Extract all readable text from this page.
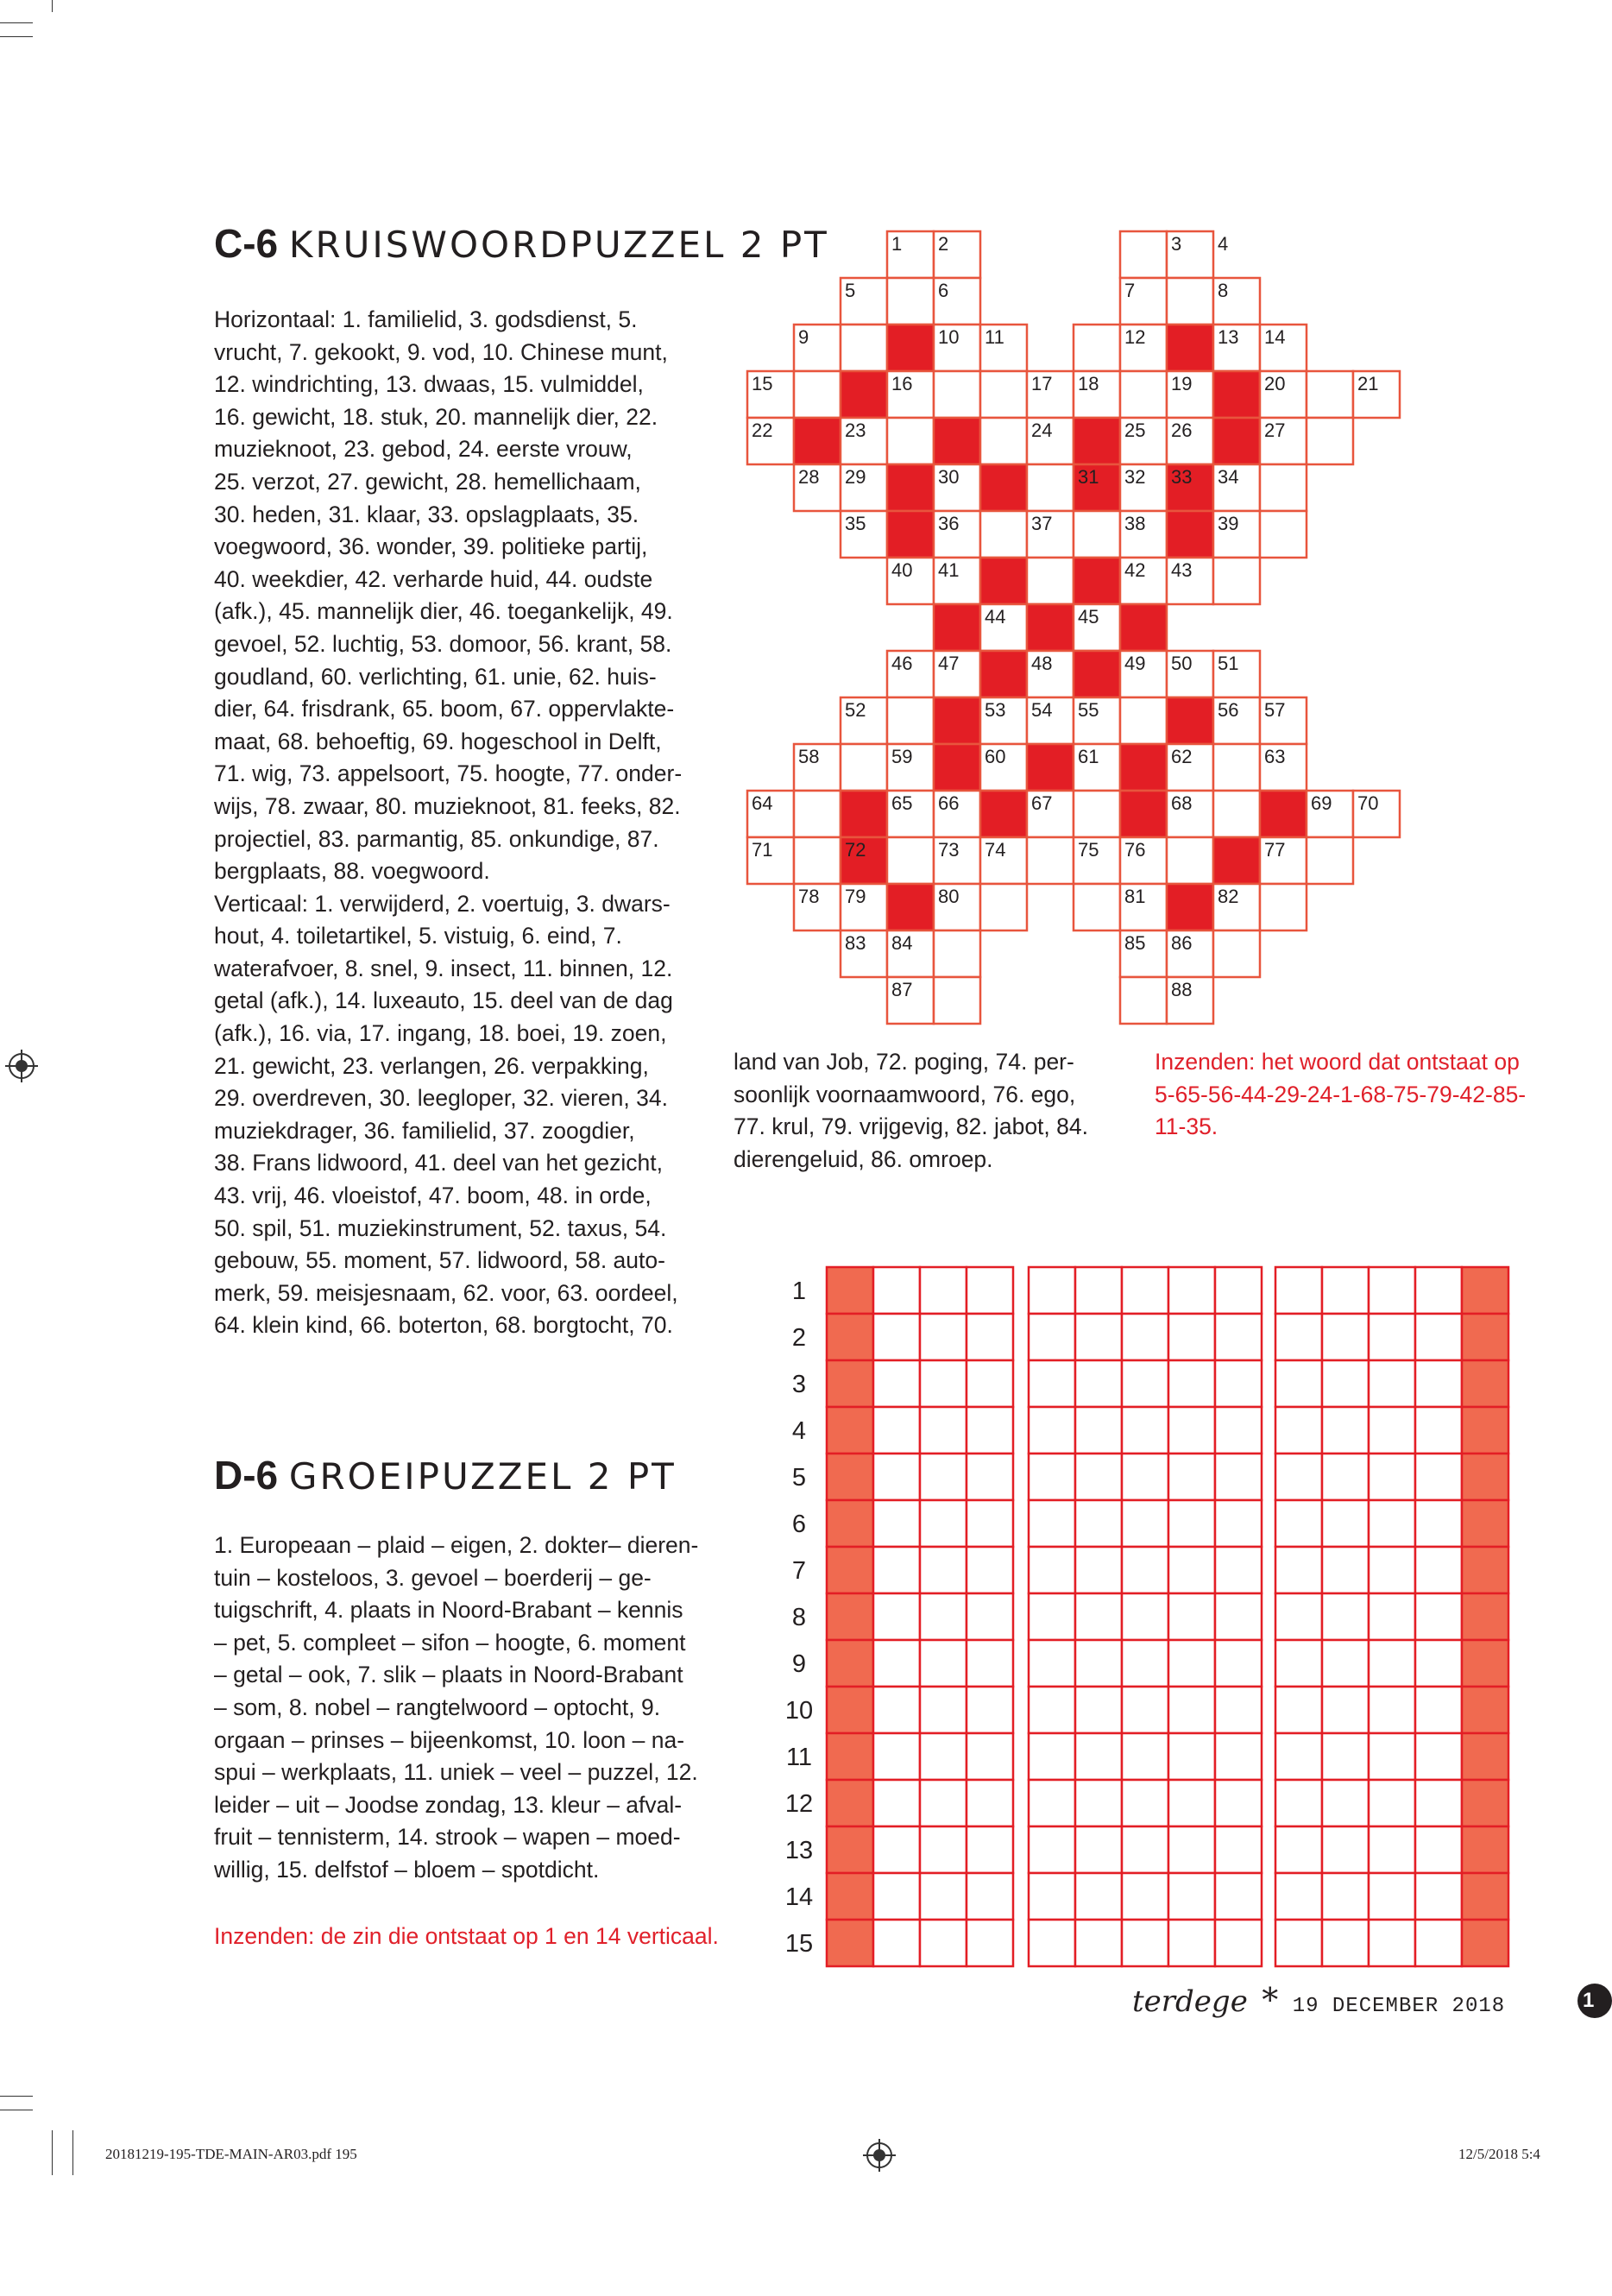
C-6 KRUISWOORDPUZZEL 2 PT
Horizontaal: 1. familielid, 3. godsdienst, 5.
vrucht, 7. gekookt, 9. vod, 10. Chinese munt,
12. windrichting, 13. dwaas, 15. vulmiddel,
16. gewicht, 18. stuk, 20. mannelijk dier, 22.
muzieknoot, 23. gebod, 24. eerste vrouw,
25. verzot, 27. gewicht, 28. hemellichaam,
30. heden, 31. klaar, 33. opslagplaats, 35.
voegwoord, 36. wonder, 39. politieke partij,
40. weekdier, 42. verharde huid, 44. oudste
(afk.), 45. mannelijk dier, 46. toegankelijk, 49.
gevoel, 52. luchtig, 53. domoor, 56. krant, 58.
goudland, 60. verlichting, 61. unie, 62. huis-
dier, 64. frisdrank, 65. boom, 67. oppervlakte-
maat, 68. behoeftig, 69. hogeschool in Delft,
71. wig, 73. appelsoort, 75. hoogte, 77. onder-
wijs, 78. zwaar, 80. muzieknoot, 81. feeks, 82.
projectiel, 83. parmantig, 85. onkundige, 87.
bergplaats, 88. voegwoord.
Verticaal: 1. verwijderd, 2. voertuig, 3. dwars-
hout, 4. toiletartikel, 5. vistuig, 6. eind, 7.
waterafvoer, 8. snel, 9. insect, 11. binnen, 12.
getal (afk.), 14. luxeauto, 15. deel van de dag
(afk.), 16. via, 17. ingang, 18. boei, 19. zoen,
21. gewicht, 23. verlangen, 26. verpakking,
29. overdreven, 30. leegloper, 32. vieren, 34.
muziekdrager, 36. familielid, 37. zoogdier,
38. Frans lidwoord, 41. deel van het gezicht,
43. vrij, 46. vloeistof, 47. boom, 48. in orde,
50. spil, 51. muziekinstrument, 52. taxus, 54.
gebouw, 55. moment, 57. lidwoord, 58. auto-
merk, 59. meisjesnaam, 62. voor, 63. oordeel,
64. klein kind, 66. boterton, 68. borgtocht, 70.
land van Job, 72. poging, 74. per-
soonlijk voornaamwoord, 76. ego,
77. krul, 79. vrijgevig, 82. jabot, 84.
dierengeluid, 86. omroep.
Inzenden: het woord dat ontstaat op
5-65-56-44-29-24-1-68-75-79-42-85-
11-35.
1 2	3 4
5	6	7	8
9	10 11	12	13 14
15	16	17 18	19	20	21
22	23	24	25 26	27
28 29	30	31 32 33 34
35	36	37	38	39
40 41	42 43
44	45
46 47	48	49 50 51
52	53 54 55	56 57
58	59	60	61	62	63
64	65 66	67	68	69 70
71	72	73 74	75 76	77
78 79	80	81	82
83 84	85 86
87	88
D-6 GROEIPUZZEL 2 PT
1. Europeaan – plaid – eigen, 2. dokter– dieren-
tuin – kosteloos, 3. gevoel – boerderij – ge-
tuigschrift, 4. plaats in Noord-Brabant – kennis
– pet, 5. compleet – sifon – hoogte, 6. moment
– getal – ook, 7. slik – plaats in Noord-Brabant
– som, 8. nobel – rangtelwoord – optocht, 9.
orgaan – prinses – bijeenkomst, 10. loon – na-
spui – werkplaats, 11. uniek – veel – puzzel, 12.
leider – uit – Joodse zondag, 13. kleur – afval-
fruit – tennisterm, 14. strook – wapen – moed-
willig, 15. delfstof – bloem – spotdicht.
Inzenden: de zin die ontstaat op 1 en 14 verticaal.
1
2
3
4
5
6
7
8
9
10
11
12
13
14
15
terdege * 19 DECEMBER 2018	1
20181219-195-TDE-MAIN-AR03.pdf 195	12/5/2018 5:4
